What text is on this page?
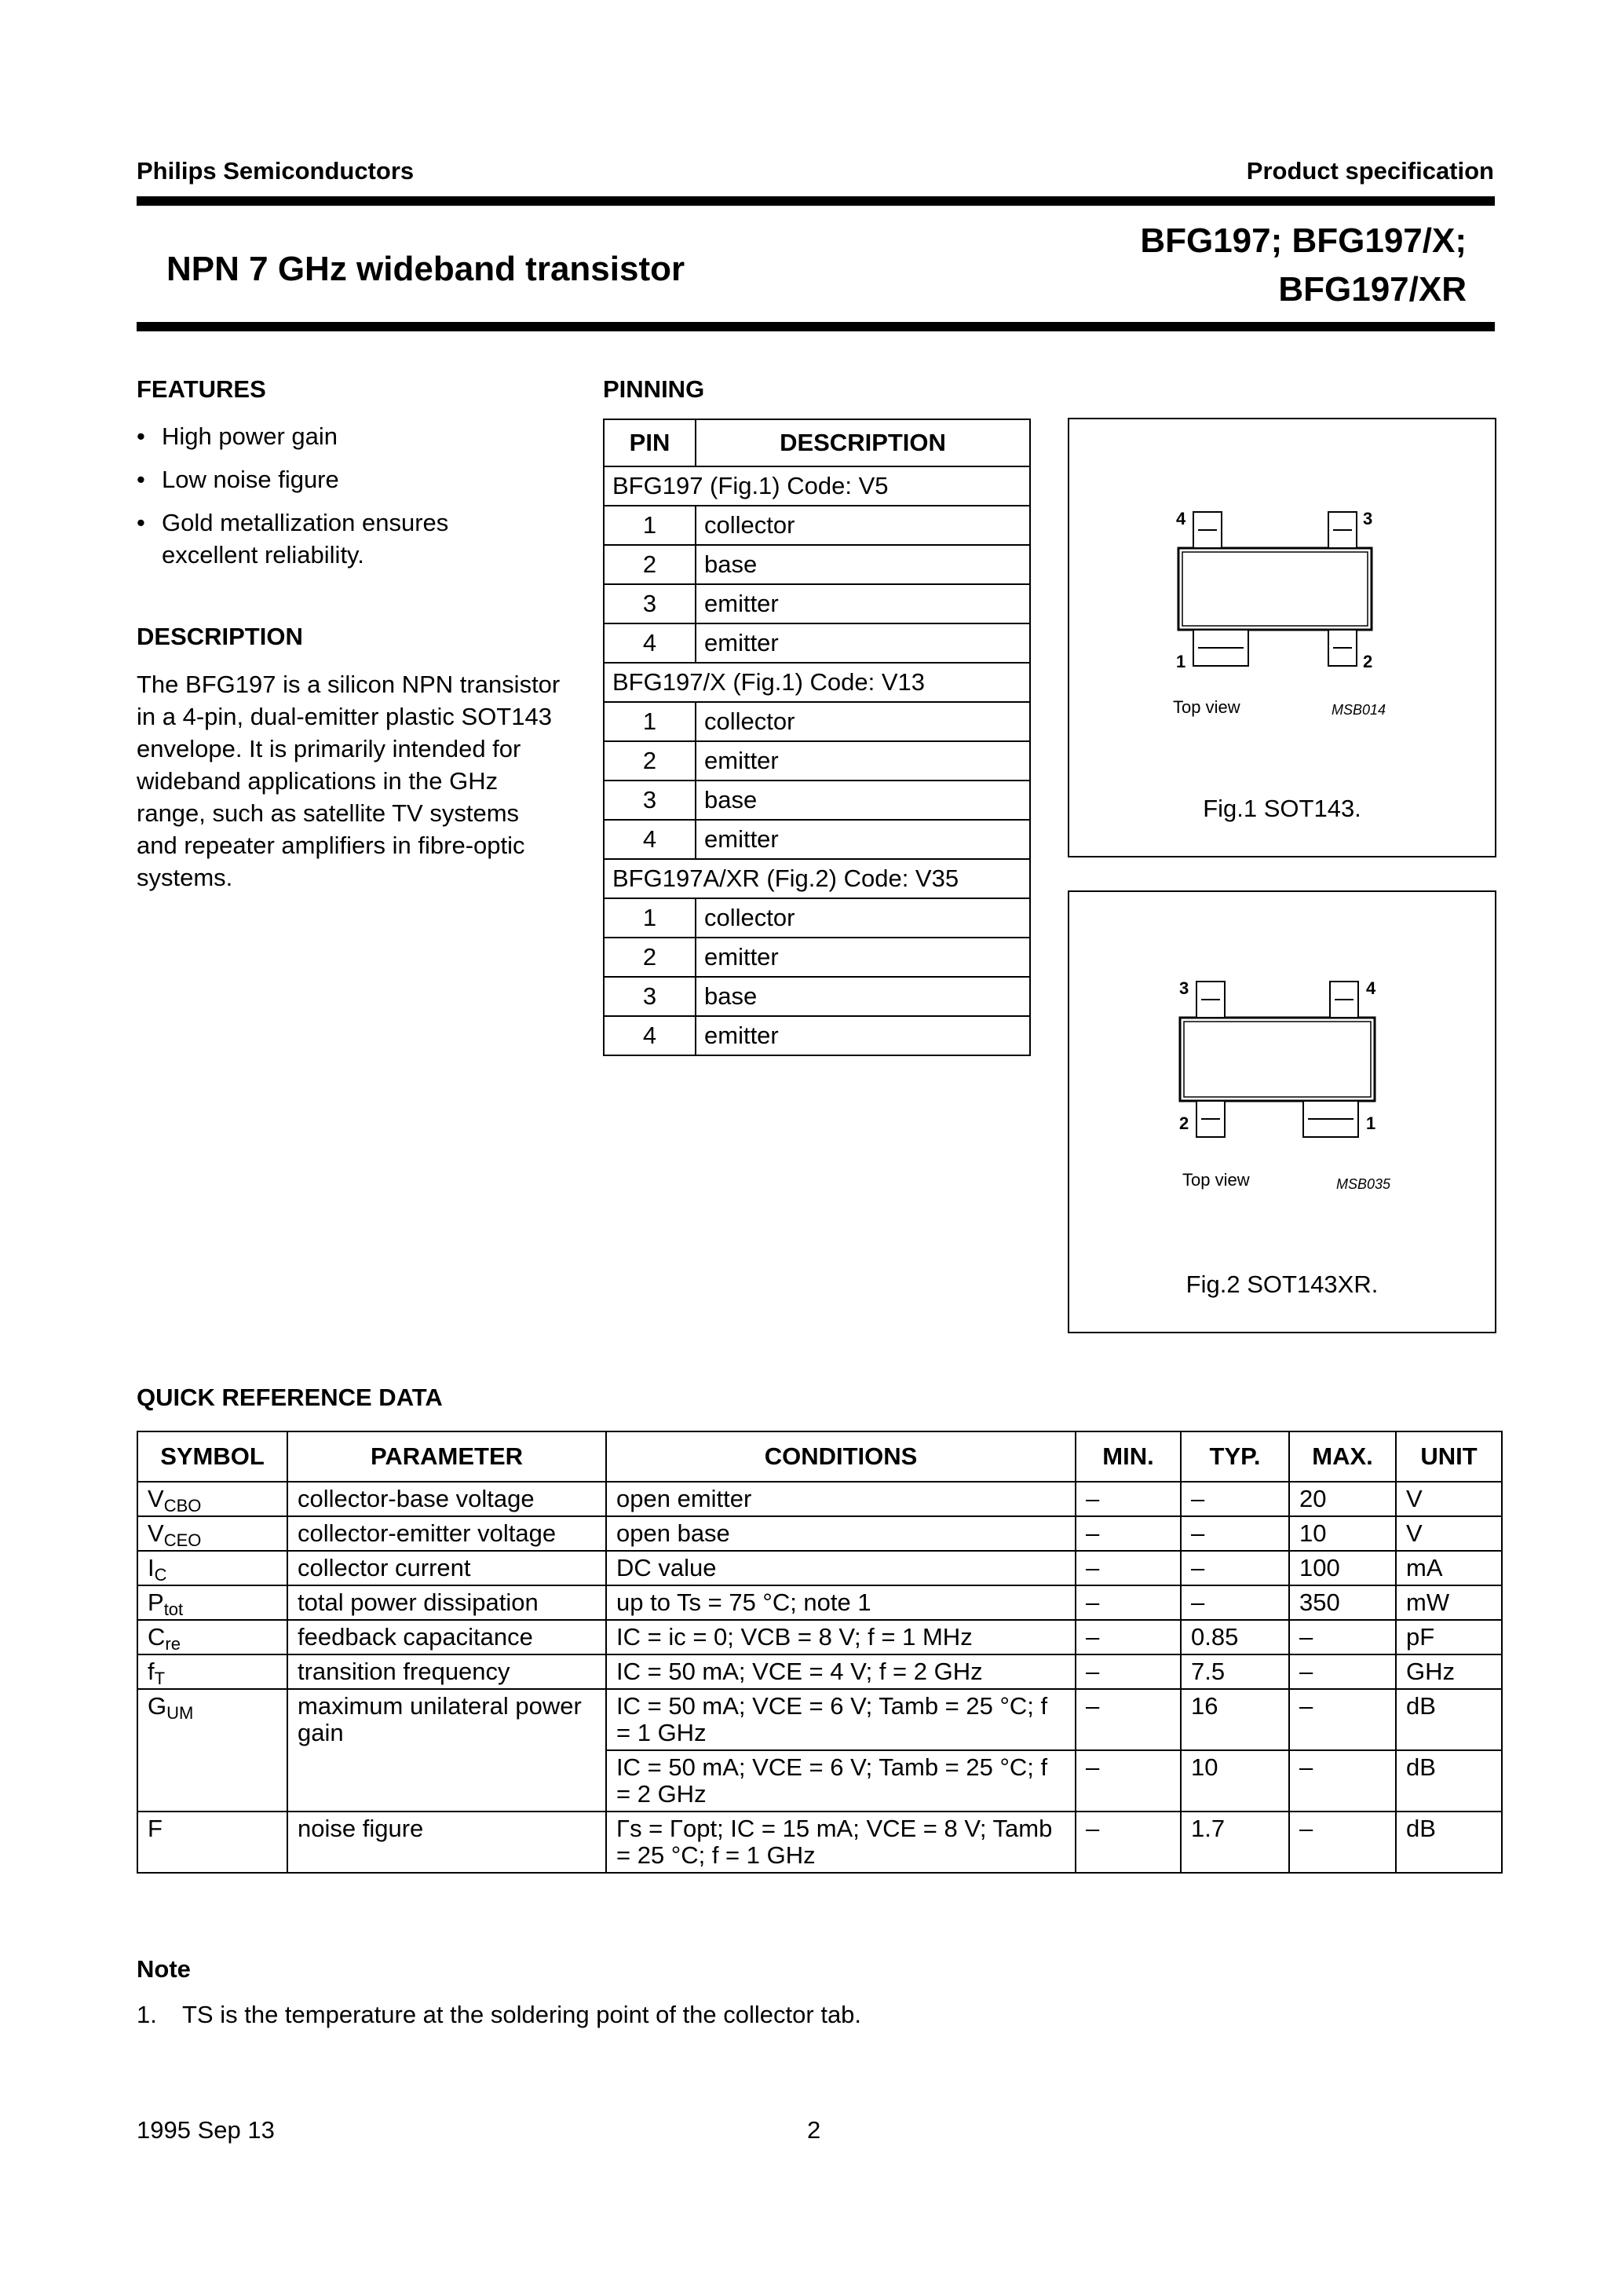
Philips Semiconductors	Product specification
NPN 7 GHz wideband transistor
BFG197; BFG197/X;
BFG197/XR
FEATURES
• High power gain
• Low noise figure
• Gold metallization ensures excellent reliability.
DESCRIPTION
The BFG197 is a silicon NPN transistor in a 4-pin, dual-emitter plastic SOT143 envelope. It is primarily intended for wideband applications in the GHz range, such as satellite TV systems and repeater amplifiers in fibre-optic systems.
PINNING
PIN	DESCRIPTION
BFG197 (Fig.1) Code: V5	
1	collector
2	base
3	emitter
4	emitter
BFG197/X (Fig.1) Code: V13	
1	collector
2	emitter
3	base
4	emitter
BFG197A/XR (Fig.2) Code: V35	
1	collector
2	emitter
3	base
4	emitter
4	3
1	2
Top view	MSB014
Fig.1 SOT143.
3	4
2	1
Top view	MSB035
Fig.2 SOT143XR.
QUICK REFERENCE DATA
SYMBOL	PARAMETER	CONDITIONS	MIN.	TYP.	MAX.	UNIT
$V_{CBO}$	collector-base voltage	open emitter	–	–	20	V
$V_{CEO}$	collector-emitter voltage	open base	–	–	10	V
$I_C$	collector current	DC value	–	–	100	mA
$P_{tot}$	total power dissipation	up to Ts = 75 °C; note 1	–	–	350	mW
$C_{re}$	feedback capacitance	IC = ic = 0; VCB = 8 V; f = 1 MHz	–	0.85	–	pF
$f_T$	transition frequency	IC = 50 mA; VCE = 4 V; f = 2 GHz	–	7.5	–	GHz
$G_{UM}$	maximum unilateral power gain	IC = 50 mA; VCE = 6 V; Tamb = 25 °C; f = 1 GHz	–	16	–	dB
		IC = 50 mA; VCE = 6 V; Tamb = 25 °C; f = 2 GHz	–	10	–	dB
F	noise figure	Γs = Γopt; IC = 15 mA; VCE = 8 V; Tamb = 25 °C; f = 1 GHz	–	1.7	–	dB
Note
1. TS is the temperature at the soldering point of the collector tab.
1995 Sep 13	2
